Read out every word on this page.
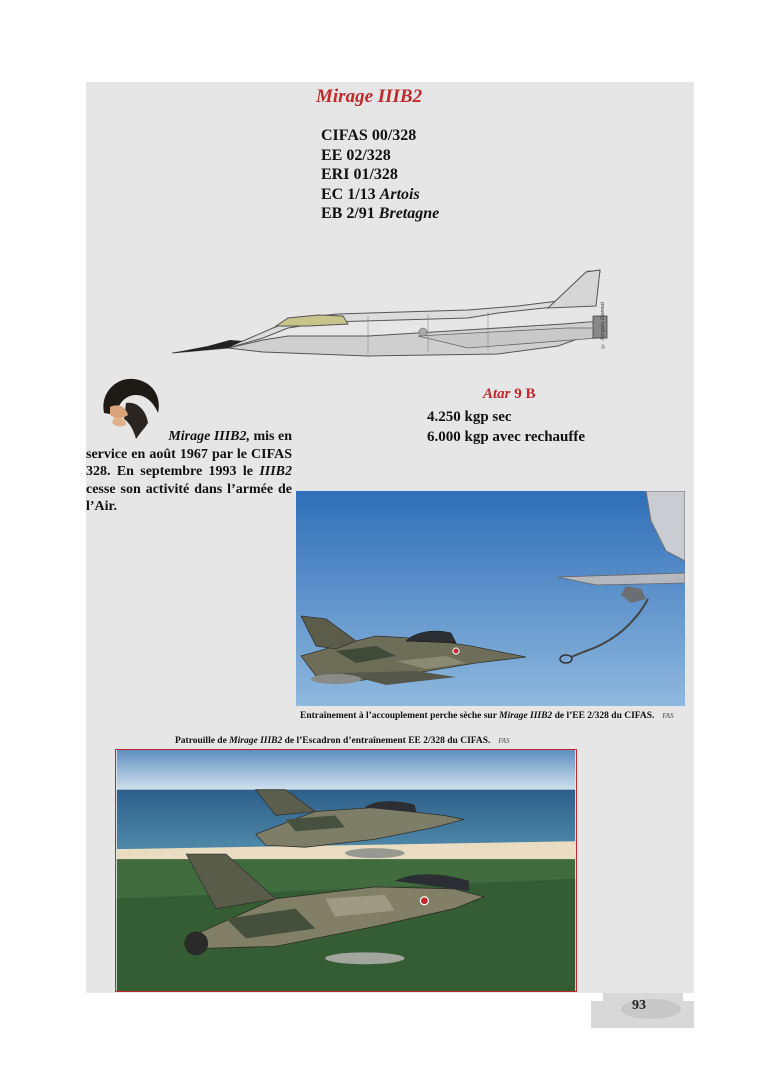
Mirage IIIB2
CIFAS 00/328
EE 02/328
ERI 01/328
EC 1/13 Artois
EB 2/91 Bretagne
© Jacques Donnat
Atar 9 B
4.250 kgp sec
6.000 kgp avec rechauffe
Mirage IIIB2, mis en
service en août 1967 par le CIFAS 328. En septembre 1993 le IIIB2 cesse son activité dans l’armée de l’Air.
Entraînement à l’accouplement perche sèche sur Mirage IIIB2 de l’EE 2/328 du CIFAS. FAS
Patrouille de Mirage IIIB2 de l’Escadron d’entraînement EE 2/328 du CIFAS. FAS
93
